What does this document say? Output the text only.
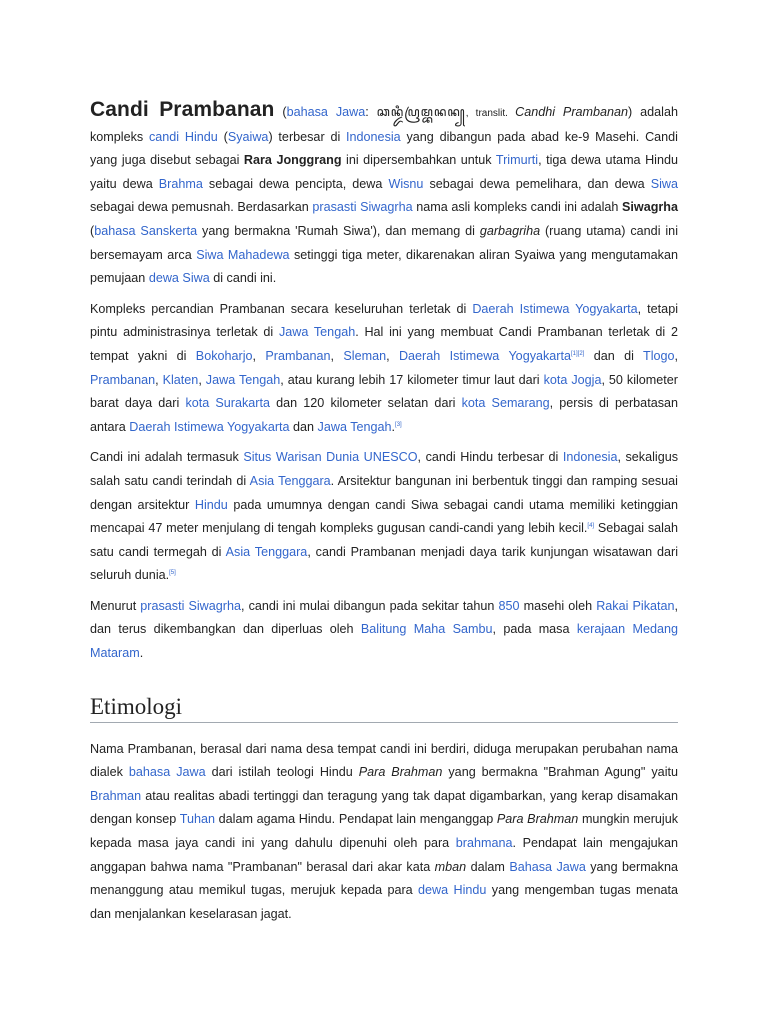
Candi Prambanan (bahasa Jawa: ꦕꦤ꧀ꦢꦶꦥꦿꦩ꧀ꦧꦤꦤ꧀, translit. Candhi Prambanan) adalah kompleks candi Hindu (Syaiwa) terbesar di Indonesia yang dibangun pada abad ke-9 Masehi. Candi yang juga disebut sebagai Rara Jonggrang ini dipersembahkan untuk Trimurti, tiga dewa utama Hindu yaitu dewa Brahma sebagai dewa pencipta, dewa Wisnu sebagai dewa pemelihara, dan dewa Siwa sebagai dewa pemusnah. Berdasarkan prasasti Siwagrha nama asli kompleks candi ini adalah Siwagrha (bahasa Sanskerta yang bermakna 'Rumah Siwa'), dan memang di garbagriha (ruang utama) candi ini bersemayam arca Siwa Mahadewa setinggi tiga meter, dikarenakan aliran Syaiwa yang mengutamakan pemujaan dewa Siwa di candi ini.

Kompleks percandian Prambanan secara keseluruhan terletak di Daerah Istimewa Yogyakarta, tetapi pintu administrasinya terletak di Jawa Tengah. Hal ini yang membuat Candi Prambanan terletak di 2 tempat yakni di Bokoharjo, Prambanan, Sleman, Daerah Istimewa Yogyakarta[1][2] dan di Tlogo, Prambanan, Klaten, Jawa Tengah, atau kurang lebih 17 kilometer timur laut dari kota Jogja, 50 kilometer barat daya dari kota Surakarta dan 120 kilometer selatan dari kota Semarang, persis di perbatasan antara Daerah Istimewa Yogyakarta dan Jawa Tengah.[3]

Candi ini adalah termasuk Situs Warisan Dunia UNESCO, candi Hindu terbesar di Indonesia, sekaligus salah satu candi terindah di Asia Tenggara. Arsitektur bangunan ini berbentuk tinggi dan ramping sesuai dengan arsitektur Hindu pada umumnya dengan candi Siwa sebagai candi utama memiliki ketinggian mencapai 47 meter menjulang di tengah kompleks gugusan candi-candi yang lebih kecil.[4] Sebagai salah satu candi termegah di Asia Tenggara, candi Prambanan menjadi daya tarik kunjungan wisatawan dari seluruh dunia.[5]

Menurut prasasti Siwagrha, candi ini mulai dibangun pada sekitar tahun 850 masehi oleh Rakai Pikatan, dan terus dikembangkan dan diperluas oleh Balitung Maha Sambu, pada masa kerajaan Medang Mataram.

Etimologi

Nama Prambanan, berasal dari nama desa tempat candi ini berdiri, diduga merupakan perubahan nama dialek bahasa Jawa dari istilah teologi Hindu Para Brahman yang bermakna "Brahman Agung" yaitu Brahman atau realitas abadi tertinggi dan teragung yang tak dapat digambarkan, yang kerap disamakan dengan konsep Tuhan dalam agama Hindu. Pendapat lain menganggap Para Brahman mungkin merujuk kepada masa jaya candi ini yang dahulu dipenuhi oleh para brahmana. Pendapat lain mengajukan anggapan bahwa nama "Prambanan" berasal dari akar kata mban dalam Bahasa Jawa yang bermakna menanggung atau memikul tugas, merujuk kepada para dewa Hindu yang mengemban tugas menata dan menjalankan keselarasan jagat.
